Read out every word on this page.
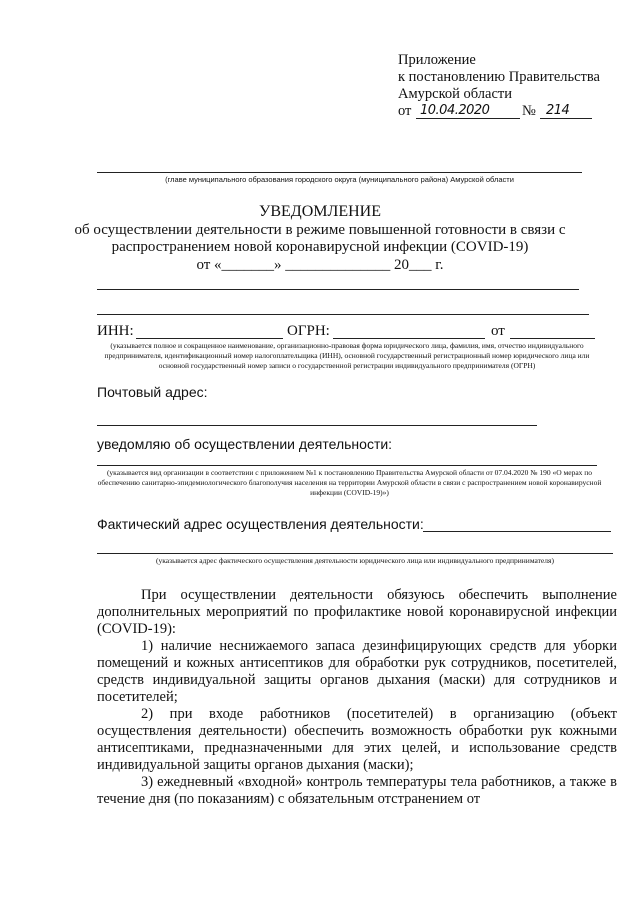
Приложение
к постановлению Правительства
Амурской области
от 10.04.2020 № 214
(главе муниципального образования городского округа (муниципального района) Амурской области
УВЕДОМЛЕНИЕ
об осуществлении деятельности в режиме повышенной готовности в связи с
распространением новой коронавирусной инфекции (COVID-19)
от «_______» ______________ 20___ г.
ИНН:	ОГРН:	от
(указывается полное и сокращенное наименование, организационно-правовая форма юридического лица, фамилия, имя, отчество индивидуального предпринимателя, идентификационный номер налогоплательщика (ИНН), основной государственный регистрационный номер юридического лица или основной государственный номер записи о государственной регистрации индивидуального предпринимателя (ОГРН)
Почтовый адрес:
уведомляю об осуществлении деятельности:
(указывается вид организации в соответствии с приложением №1 к постановлению Правительства Амурской области от 07.04.2020 № 190 «О мерах по обеспечению санитарно-эпидемиологического благополучия населения на территории Амурской области в связи с распространением новой коронавирусной инфекции (COVID-19)»)
Фактический адрес осуществления деятельности:
(указывается адрес фактического осуществления деятельности юридического лица или индивидуального предпринимателя)

При осуществлении деятельности обязуюсь обеспечить выполнение дополнительных мероприятий по профилактике новой коронавирусной инфекции (COVID-19):

1) наличие неснижаемого запаса дезинфицирующих средств для уборки помещений и кожных антисептиков для обработки рук сотрудников, посетителей, средств индивидуальной защиты органов дыхания (маски) для сотрудников и посетителей;

2) при входе работников (посетителей) в организацию (объект осуществления деятельности) обеспечить возможность обработки рук кожными антисептиками, предназначенными для этих целей, и использование средств индивидуальной защиты органов дыхания (маски);

3) ежедневный «входной» контроль температуры тела работников, а также в течение дня (по показаниям) с обязательным отстранением от
